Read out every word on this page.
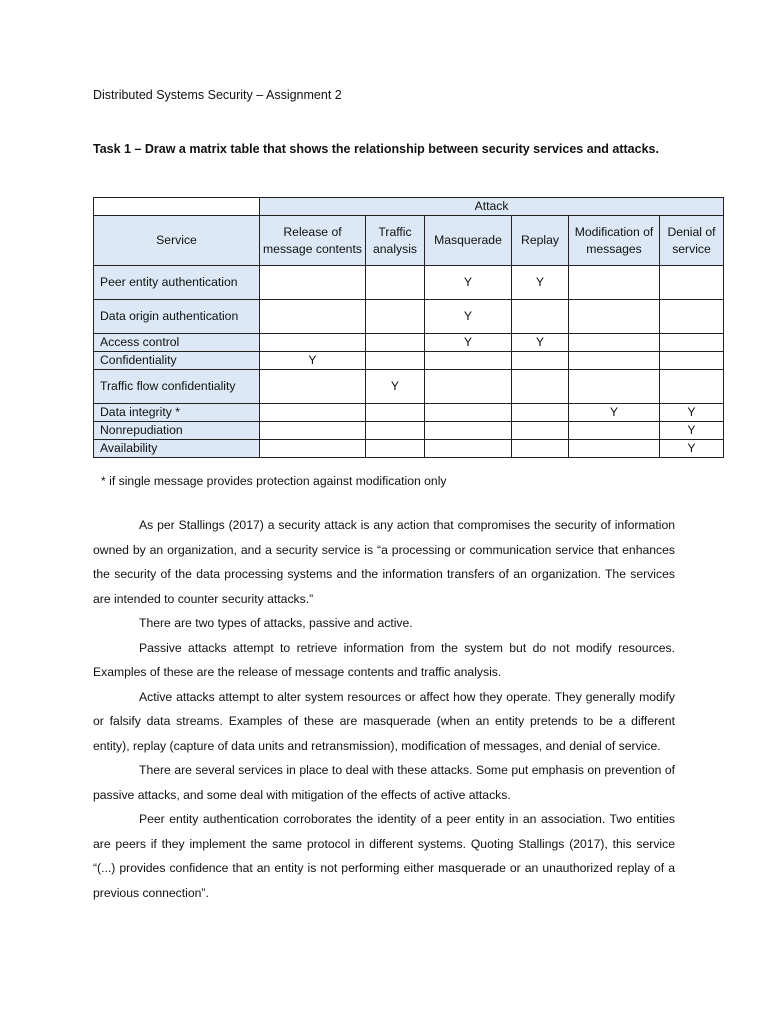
Distributed Systems Security – Assignment 2
Task 1 – Draw a matrix table that shows the relationship between security services and attacks.
	Attack					
Service	Release of message contents	Traffic analysis	Masquerade	Replay	Modification of messages	Denial of service
Peer entity authentication			Y	Y		
Data origin authentication			Y			
Access control			Y	Y		
Confidentiality	Y					
Traffic flow confidentiality		Y				
Data integrity *					Y	Y
Nonrepudiation						Y
Availability						Y
* if single message provides protection against modification only

As per Stallings (2017) a security attack is any action that compromises the security of information owned by an organization, and a security service is “a processing or communication service that enhances the security of the data processing systems and the information transfers of an organization. The services are intended to counter security attacks.”

There are two types of attacks, passive and active.

Passive attacks attempt to retrieve information from the system but do not modify resources. Examples of these are the release of message contents and traffic analysis.

Active attacks attempt to alter system resources or affect how they operate. They generally modify or falsify data streams. Examples of these are masquerade (when an entity pretends to be a different entity), replay (capture of data units and retransmission), modification of messages, and denial of service.

There are several services in place to deal with these attacks. Some put emphasis on prevention of passive attacks, and some deal with mitigation of the effects of active attacks.

Peer entity authentication corroborates the identity of a peer entity in an association. Two entities are peers if they implement the same protocol in different systems. Quoting Stallings (2017), this service “(...) provides confidence that an entity is not performing either masquerade or an unauthorized replay of a previous connection”.
